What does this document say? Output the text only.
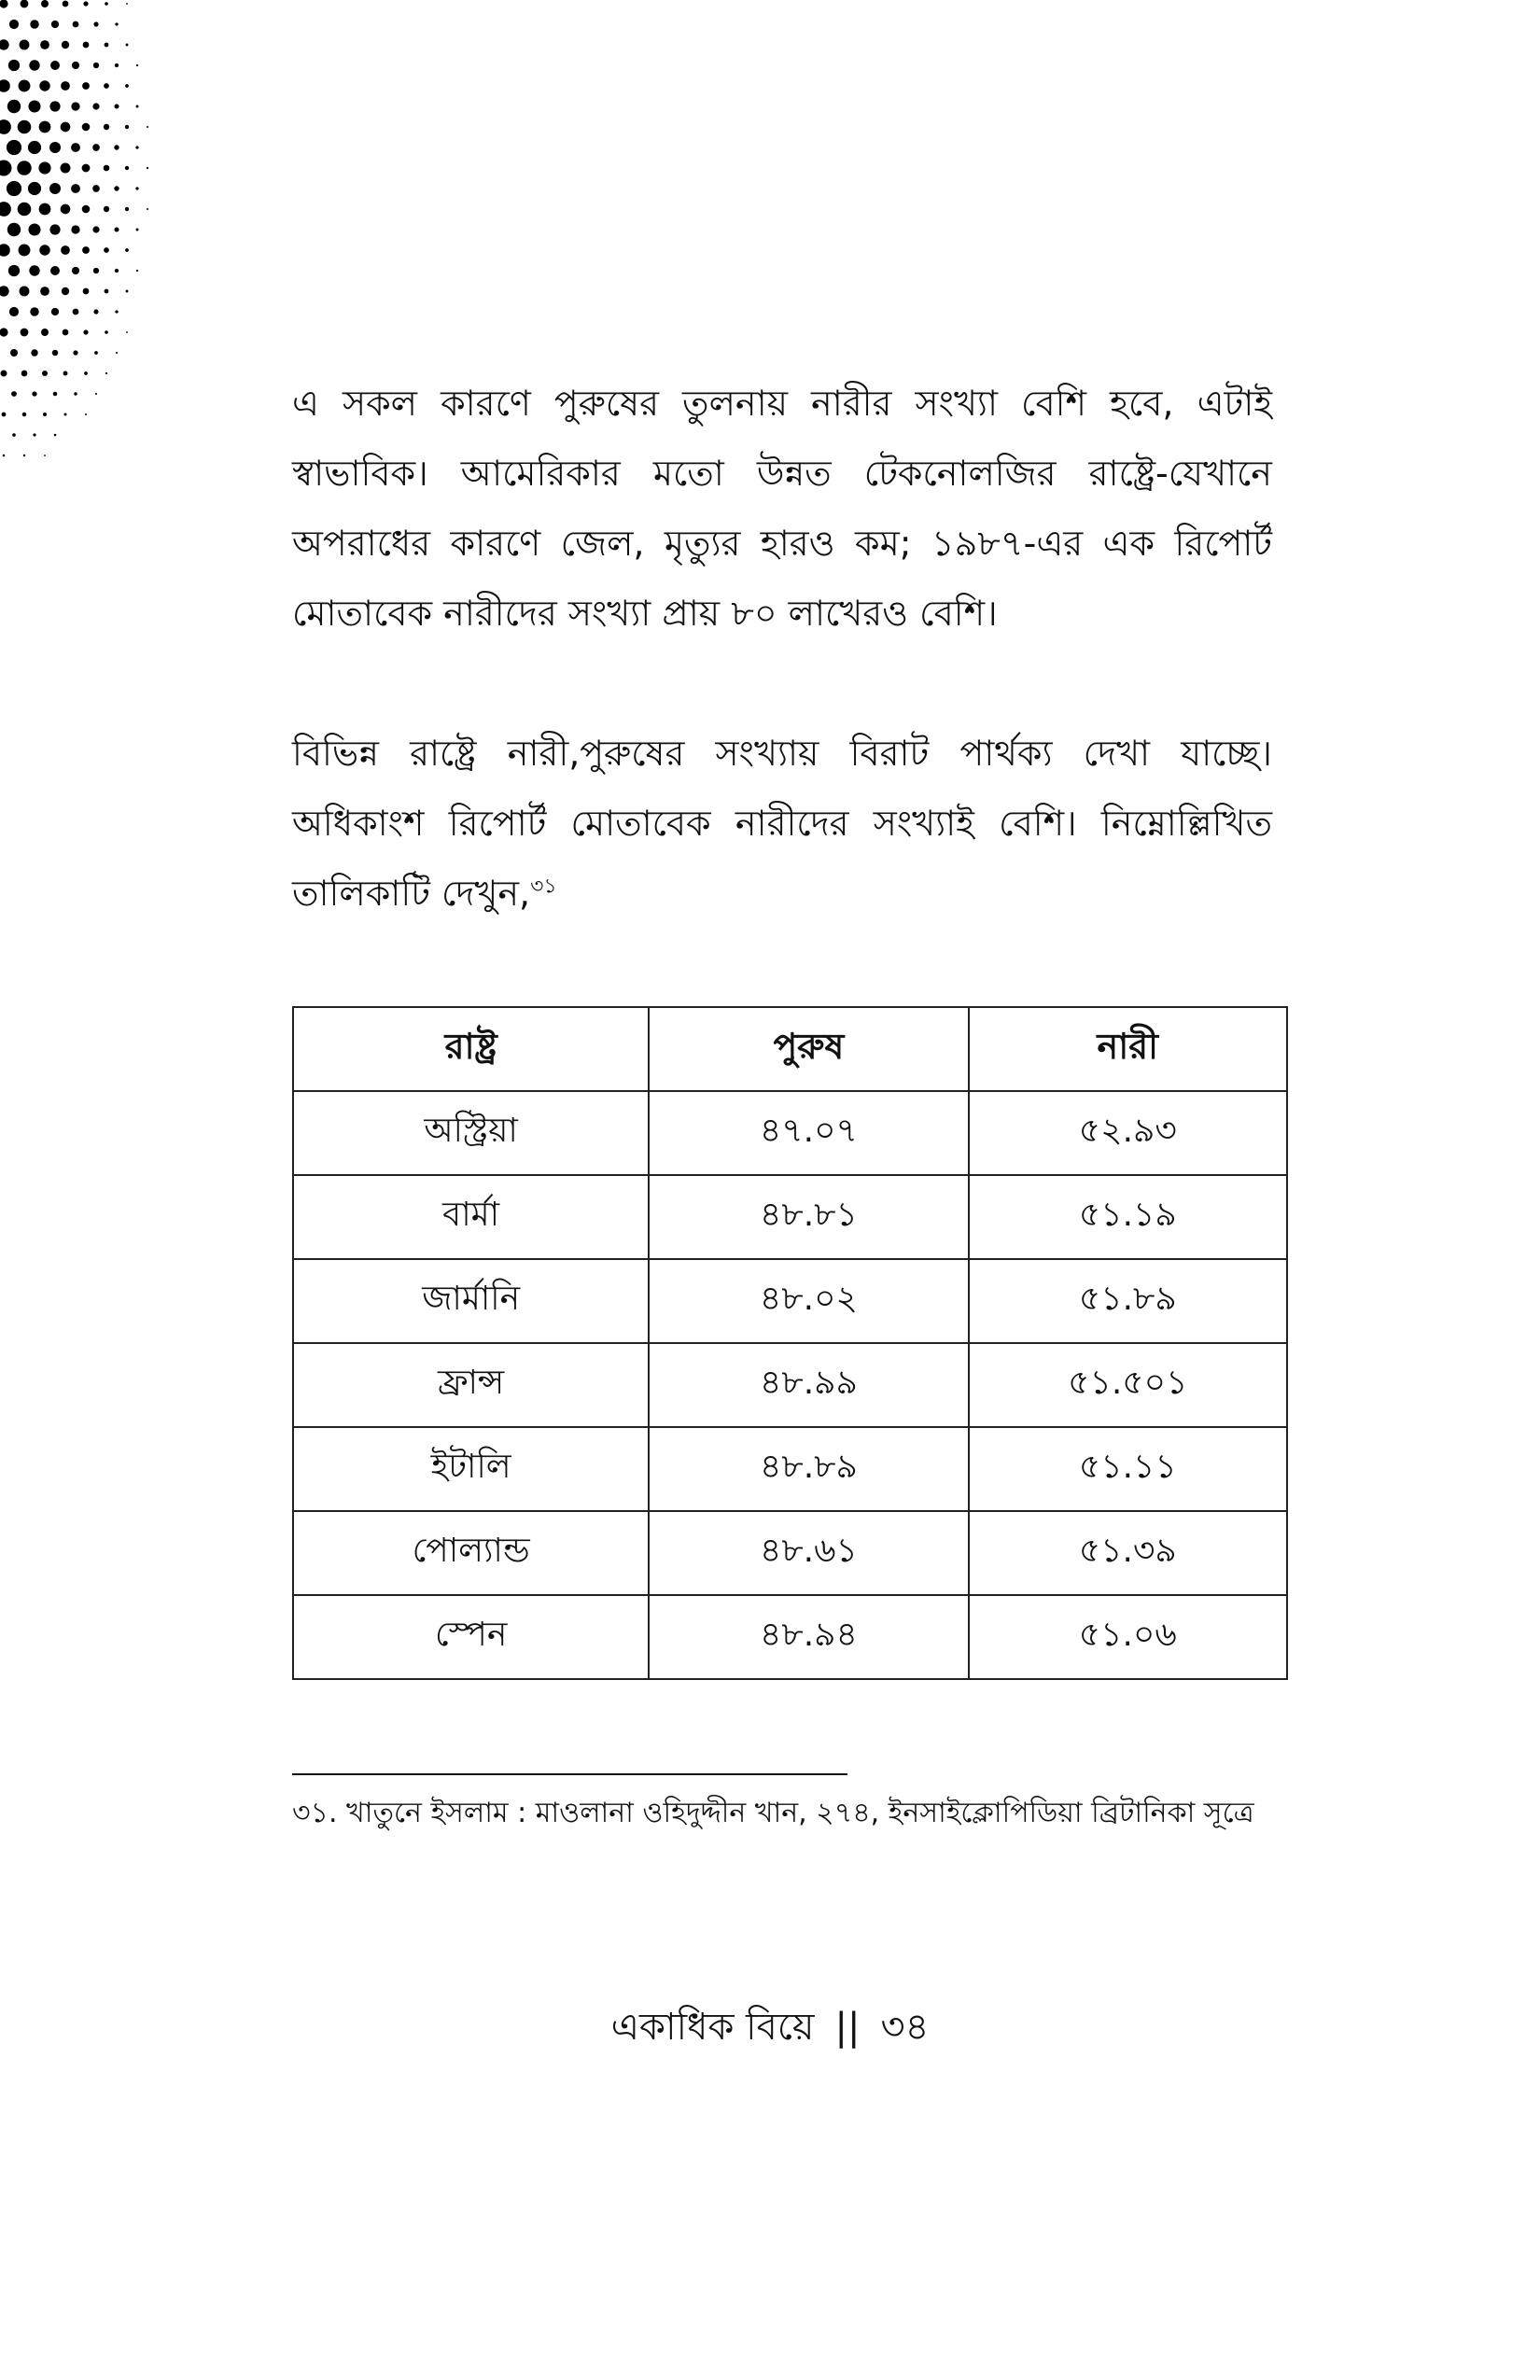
এ সকল কারণে পুরুষের তুলনায় নারীর সংখ্যা বেশি হবে, এটাই স্বাভাবিক। আমেরিকার মতো উন্নত টেকনোলজির রাষ্ট্রে-যেখানে অপরাধের কারণে জেল, মৃত্যুর হারও কম; ১৯৮৭-এর এক রিপোর্ট মোতাবেক নারীদের সংখ্যা প্রায় ৮০ লাখেরও বেশি।

বিভিন্ন রাষ্ট্রে নারী,পুরুষের সংখ্যায় বিরাট পার্থক্য দেখা যাচ্ছে। অধিকাংশ রিপোর্ট মোতাবেক নারীদের সংখ্যাই বেশি। নিম্নোল্লিখিত তালিকাটি দেখুন,$^{৩১}$

রাষ্ট্র	পুরুষ	নারী
অস্ট্রিয়া	৪৭.০৭	৫২.৯৩
বার্মা	৪৮.৮১	৫১.১৯
জার্মানি	৪৮.০২	৫১.৮৯
ফ্রান্স	৪৮.৯৯	৫১.৫০১
ইটালি	৪৮.৮৯	৫১.১১
পোল্যান্ড	৪৮.৬১	৫১.৩৯
স্পেন	৪৮.৯৪	৫১.০৬

৩১. খাতুনে ইসলাম : মাওলানা ওহিদুদ্দীন খান, ২৭৪, ইনসাইক্লোপিডিয়া ব্রিটানিকা সূত্রে

একাধিক বিয়ে || ৩৪
